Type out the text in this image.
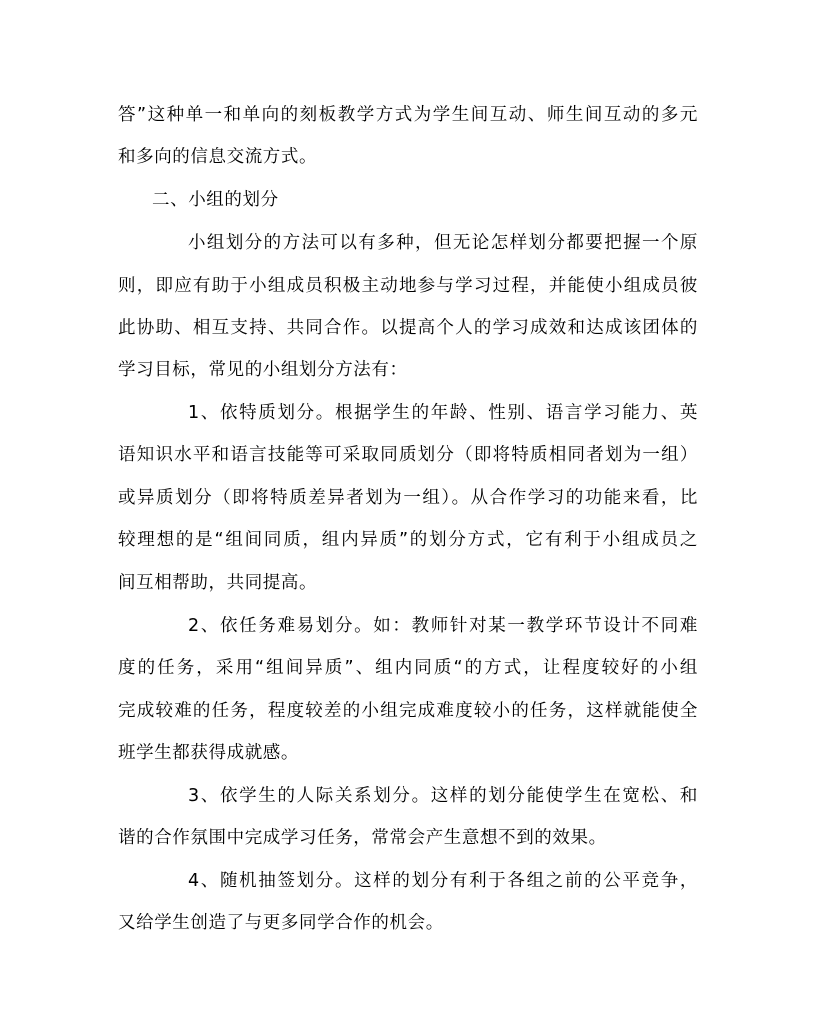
答”这种单一和单向的刻板教学方式为学生间互动、师生间互动的多元
和多向的信息交流方式。
二、小组的划分
小组划分的方法可以有多种，但无论怎样划分都要把握一个原
则，即应有助于小组成员积极主动地参与学习过程，并能使小组成员彼
此协助、相互支持、共同合作。以提高个人的学习成效和达成该团体的
学习目标，常见的小组划分方法有：
1、依特质划分。根据学生的年龄、性别、语言学习能力、英
语知识水平和语言技能等可采取同质划分（即将特质相同者划为一组）
或异质划分（即将特质差异者划为一组）。从合作学习的功能来看，比
较理想的是“组间同质，组内异质”的划分方式，它有利于小组成员之
间互相帮助，共同提高。
2、依任务难易划分。如：教师针对某一教学环节设计不同难
度的任务，采用“组间异质”、组内同质“的方式，让程度较好的小组
完成较难的任务，程度较差的小组完成难度较小的任务，这样就能使全
班学生都获得成就感。
3、依学生的人际关系划分。这样的划分能使学生在宽松、和
谐的合作氛围中完成学习任务，常常会产生意想不到的效果。
4、随机抽签划分。这样的划分有利于各组之前的公平竞争，
又给学生创造了与更多同学合作的机会。
